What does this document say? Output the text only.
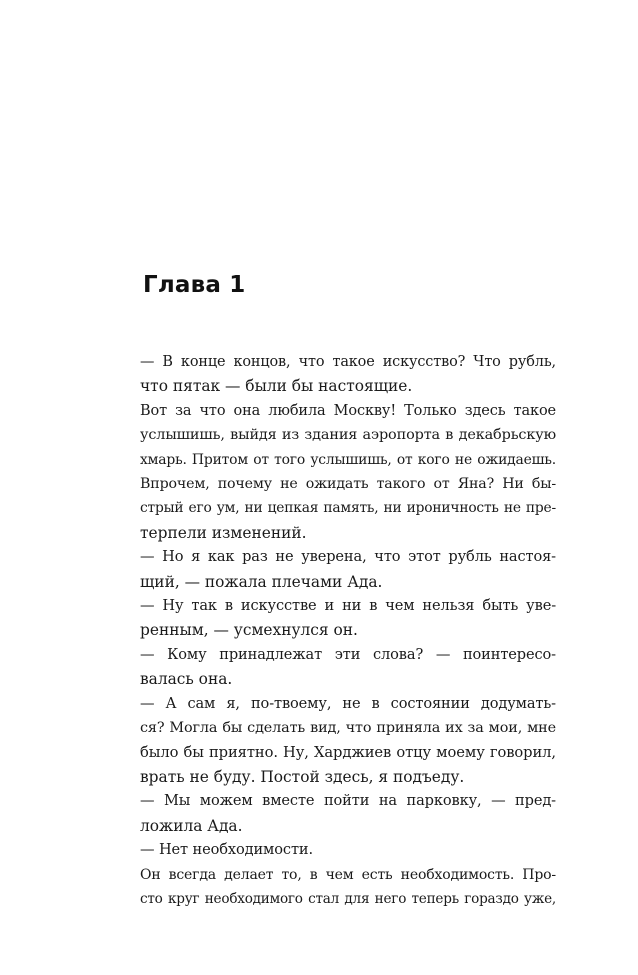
Глава 1

— В конце концов, что такое искусство? Что рубль,
что пятак — были бы настоящие.

Вот за что она любила Москву! Только здесь такое
услышишь, выйдя из здания аэропорта в декабрьскую
хмарь. Притом от того услышишь, от кого не ожидаешь.

Впрочем, почему не ожидать такого от Яна? Ни бы-
стрый его ум, ни цепкая память, ни ироничность не пре-
терпели изменений.

— Но я как раз не уверена, что этот рубль настоя-
щий, — пожала плечами Ада.

— Ну так в искусстве и ни в чем нельзя быть уве-
ренным, — усмехнулся он.

— Кому принадлежат эти слова? — поинтересо-
валась она.

— А сам я, по-твоему, не в состоянии додумать-
ся? Могла бы сделать вид, что приняла их за мои, мне
было бы приятно. Ну, Харджиев отцу моему говорил,
врать не буду. Постой здесь, я подъеду.

— Мы можем вместе пойти на парковку, — пред-
ложила Ада.

— Нет необходимости.

Он всегда делает то, в чем есть необходимость. Про-
сто круг необходимого стал для него теперь гораздо уже,
